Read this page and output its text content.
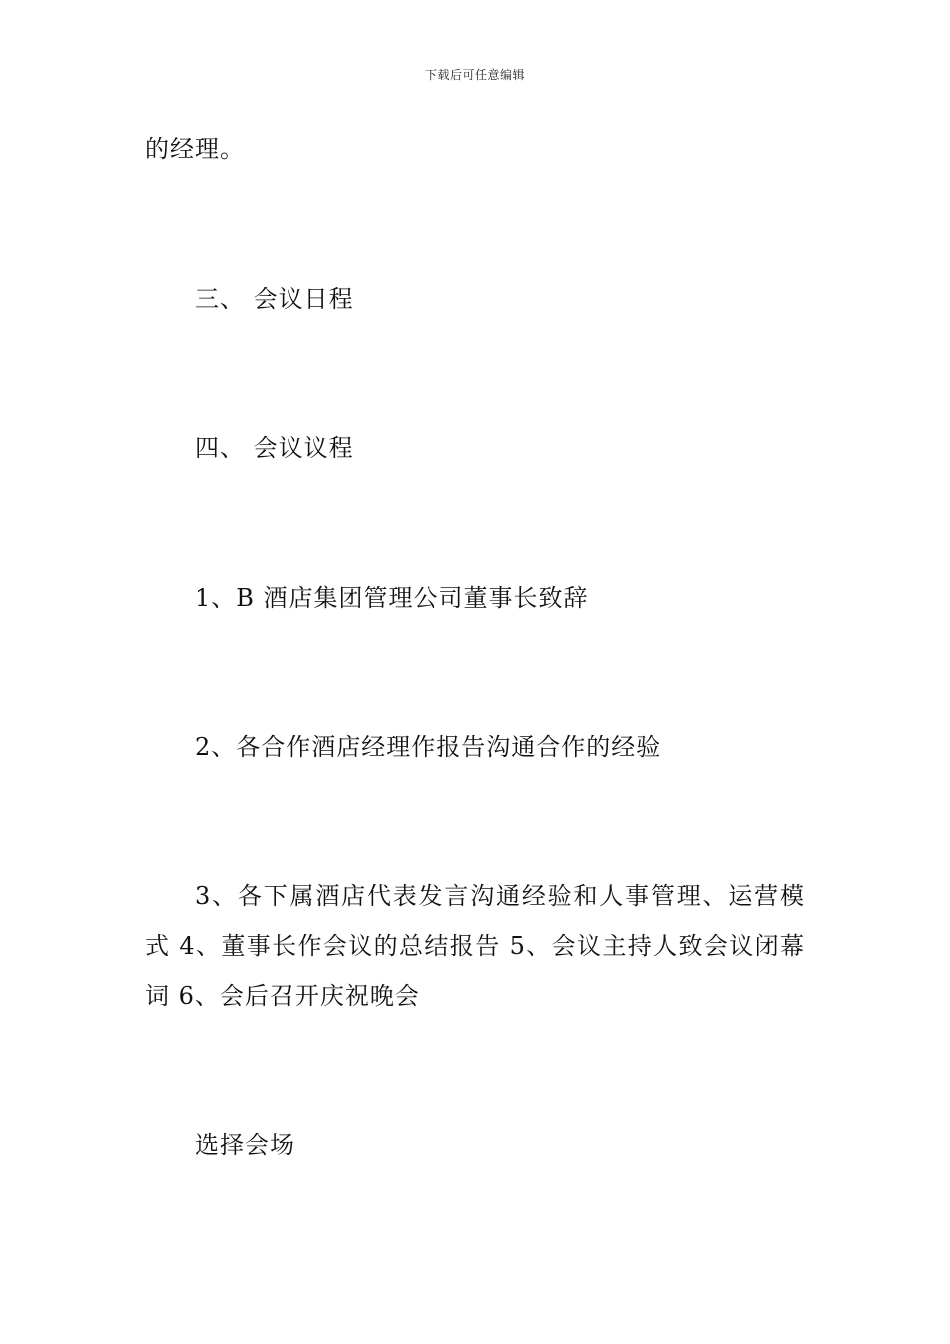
下载后可任意编辑
的经理。
三、 会议日程
四、 会议议程
1、B 酒店集团管理公司董事长致辞
2、各合作酒店经理作报告沟通合作的经验
3、各下属酒店代表发言沟通经验和人事管理、运营模式 4、董事长作会议的总结报告 5、会议主持人致会议闭幕词 6、会后召开庆祝晚会
选择会场
